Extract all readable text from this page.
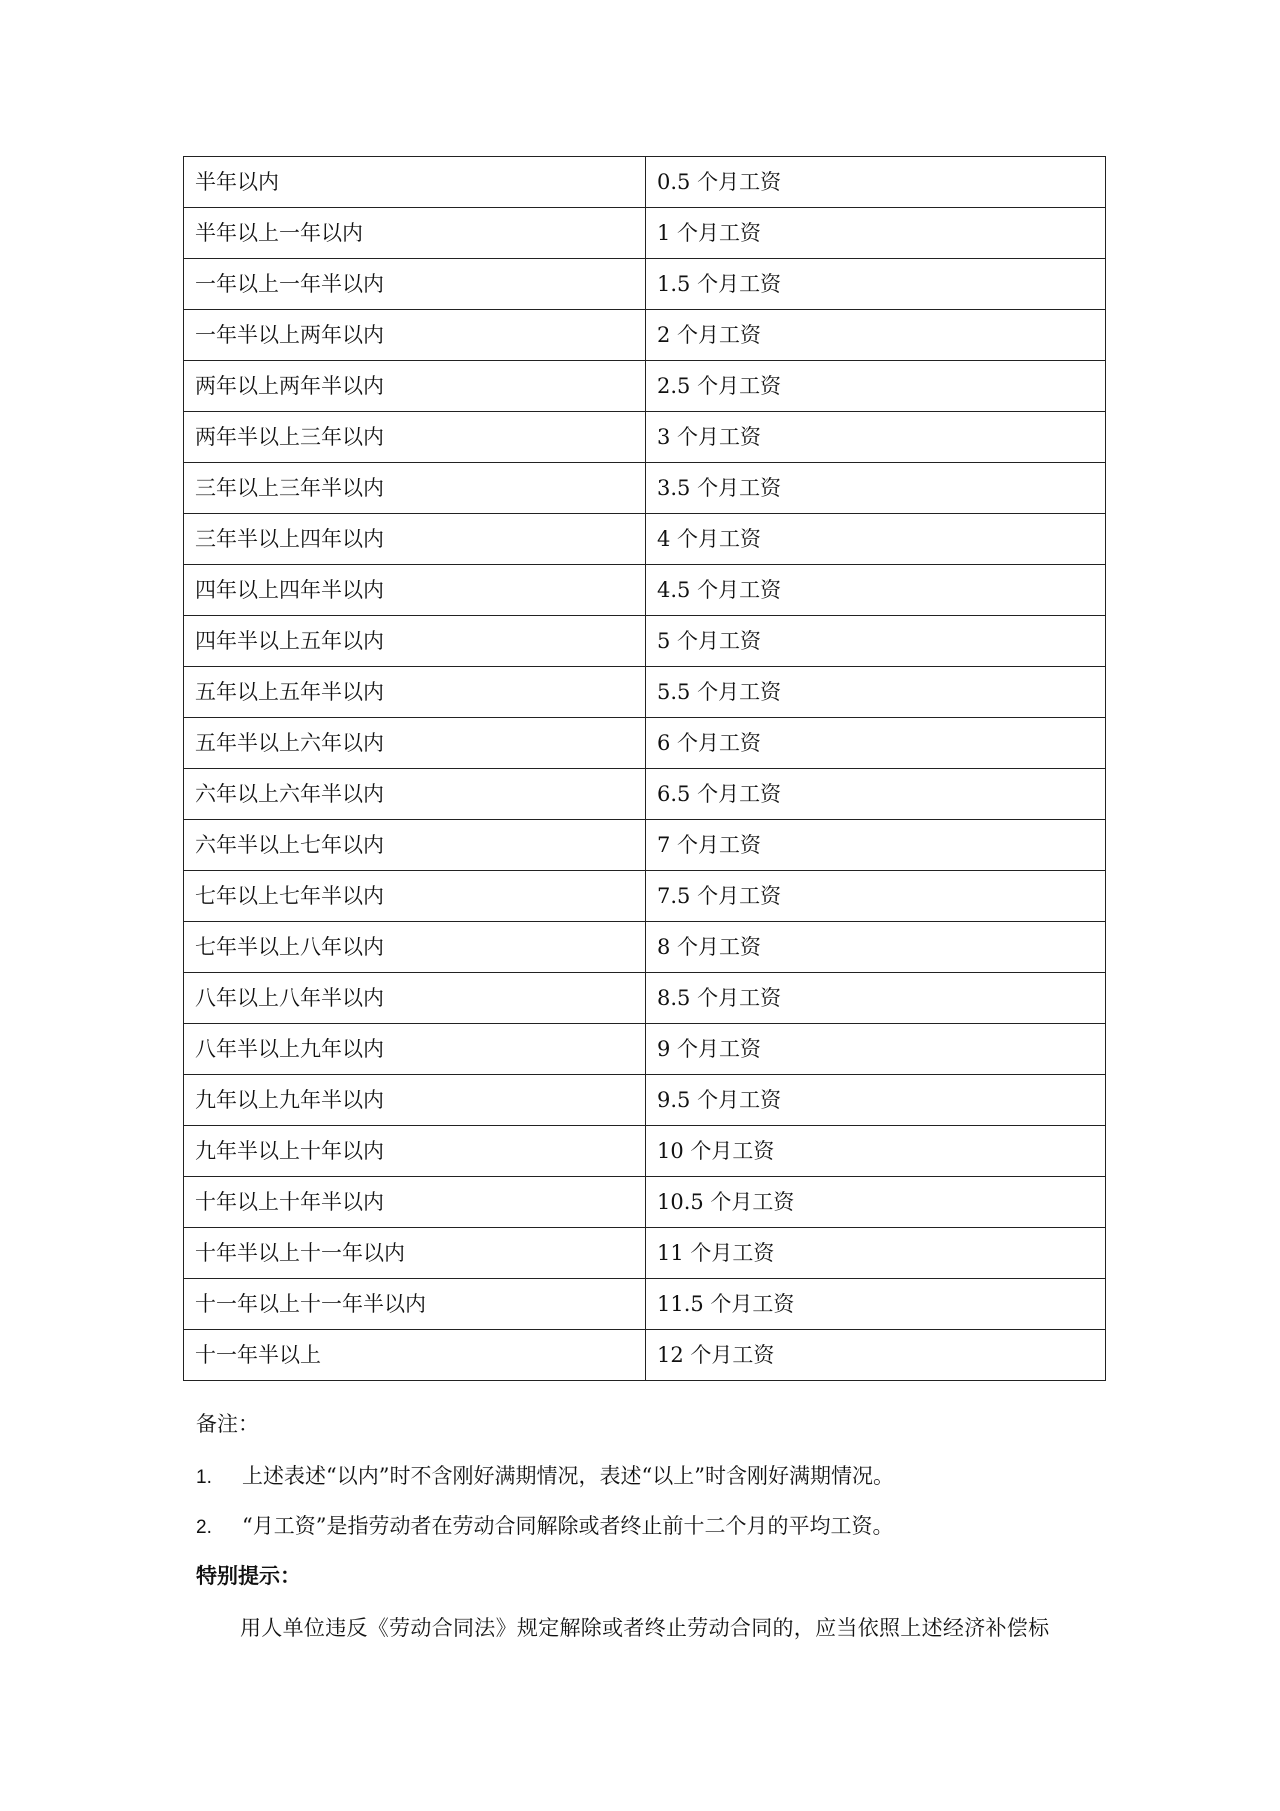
半年以内	0.5 个月工资
半年以上一年以内	1 个月工资
一年以上一年半以内	1.5 个月工资
一年半以上两年以内	2 个月工资
两年以上两年半以内	2.5 个月工资
两年半以上三年以内	3 个月工资
三年以上三年半以内	3.5 个月工资
三年半以上四年以内	4 个月工资
四年以上四年半以内	4.5 个月工资
四年半以上五年以内	5 个月工资
五年以上五年半以内	5.5 个月工资
五年半以上六年以内	6 个月工资
六年以上六年半以内	6.5 个月工资
六年半以上七年以内	7 个月工资
七年以上七年半以内	7.5 个月工资
七年半以上八年以内	8 个月工资
八年以上八年半以内	8.5 个月工资
八年半以上九年以内	9 个月工资
九年以上九年半以内	9.5 个月工资
九年半以上十年以内	10 个月工资
十年以上十年半以内	10.5 个月工资
十年半以上十一年以内	11 个月工资
十一年以上十一年半以内	11.5 个月工资
十一年半以上	12 个月工资
备注：
1. 上述表述“以内”时不含刚好满期情况，表述“以上”时含刚好满期情况。
2. “月工资”是指劳动者在劳动合同解除或者终止前十二个月的平均工资。
特别提示：
用人单位违反《劳动合同法》规定解除或者终止劳动合同的，应当依照上述经济补偿标
